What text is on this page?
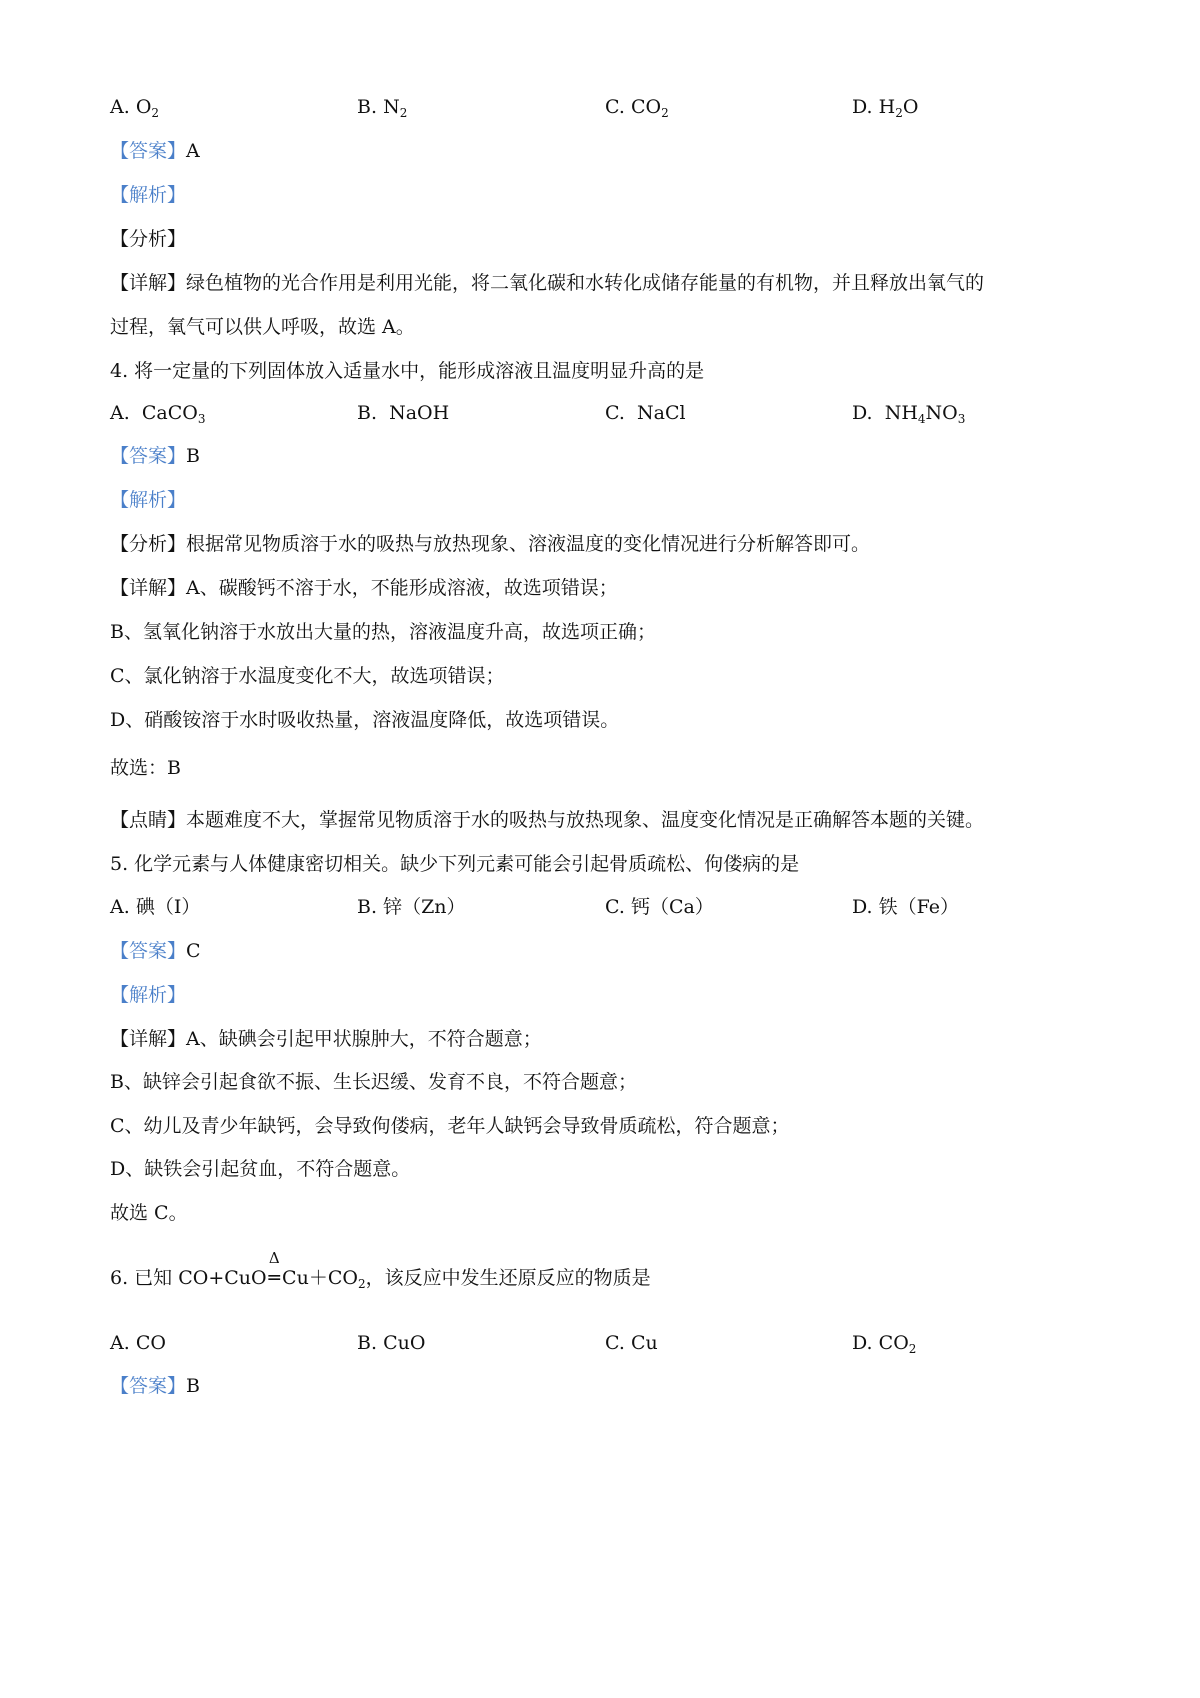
A. $O_2$	B. $N_2$	C. $CO_2$	D. $H_2O$
【答案】A
【解析】
【分析】
【详解】绿色植物的光合作用是利用光能，将二氧化碳和水转化成储存能量的有机物，并且释放出氧气的
过程，氧气可以供人呼吸，故选 A。
4. 将一定量的下列固体放入适量水中，能形成溶液且温度明显升高的是
A. CaCO$_3$	B. NaOH	C. NaCl	D. $NH_4NO_3$
【答案】B
【解析】
【分析】根据常见物质溶于水的吸热与放热现象、溶液温度的变化情况进行分析解答即可。
【详解】A、碳酸钙不溶于水，不能形成溶液，故选项错误；
B、氢氧化钠溶于水放出大量的热，溶液温度升高，故选项正确；
C、氯化钠溶于水温度变化不大，故选项错误；
D、硝酸铵溶于水时吸收热量，溶液温度降低，故选项错误。
故选：B
【点睛】本题难度不大，掌握常见物质溶于水的吸热与放热现象、温度变化情况是正确解答本题的关键。
5. 化学元素与人体健康密切相关。缺少下列元素可能会引起骨质疏松、佝偻病的是
A. 碘（I）	B. 锌（Zn）	C. 钙（Ca）	D. 铁（Fe）
【答案】C
【解析】
【详解】A、缺碘会引起甲状腺肿大，不符合题意；
B、缺锌会引起食欲不振、生长迟缓、发育不良，不符合题意；
C、幼儿及青少年缺钙，会导致佝偻病，老年人缺钙会导致骨质疏松，符合题意；
D、缺铁会引起贫血，不符合题意。
故选 C。
6. 已知 CO+CuO
Δ
═ $Cu+CO_2$，该反应中发生还原反应的物质是
A. CO	B. CuO	C. Cu	D. $CO_2$
【答案】B
